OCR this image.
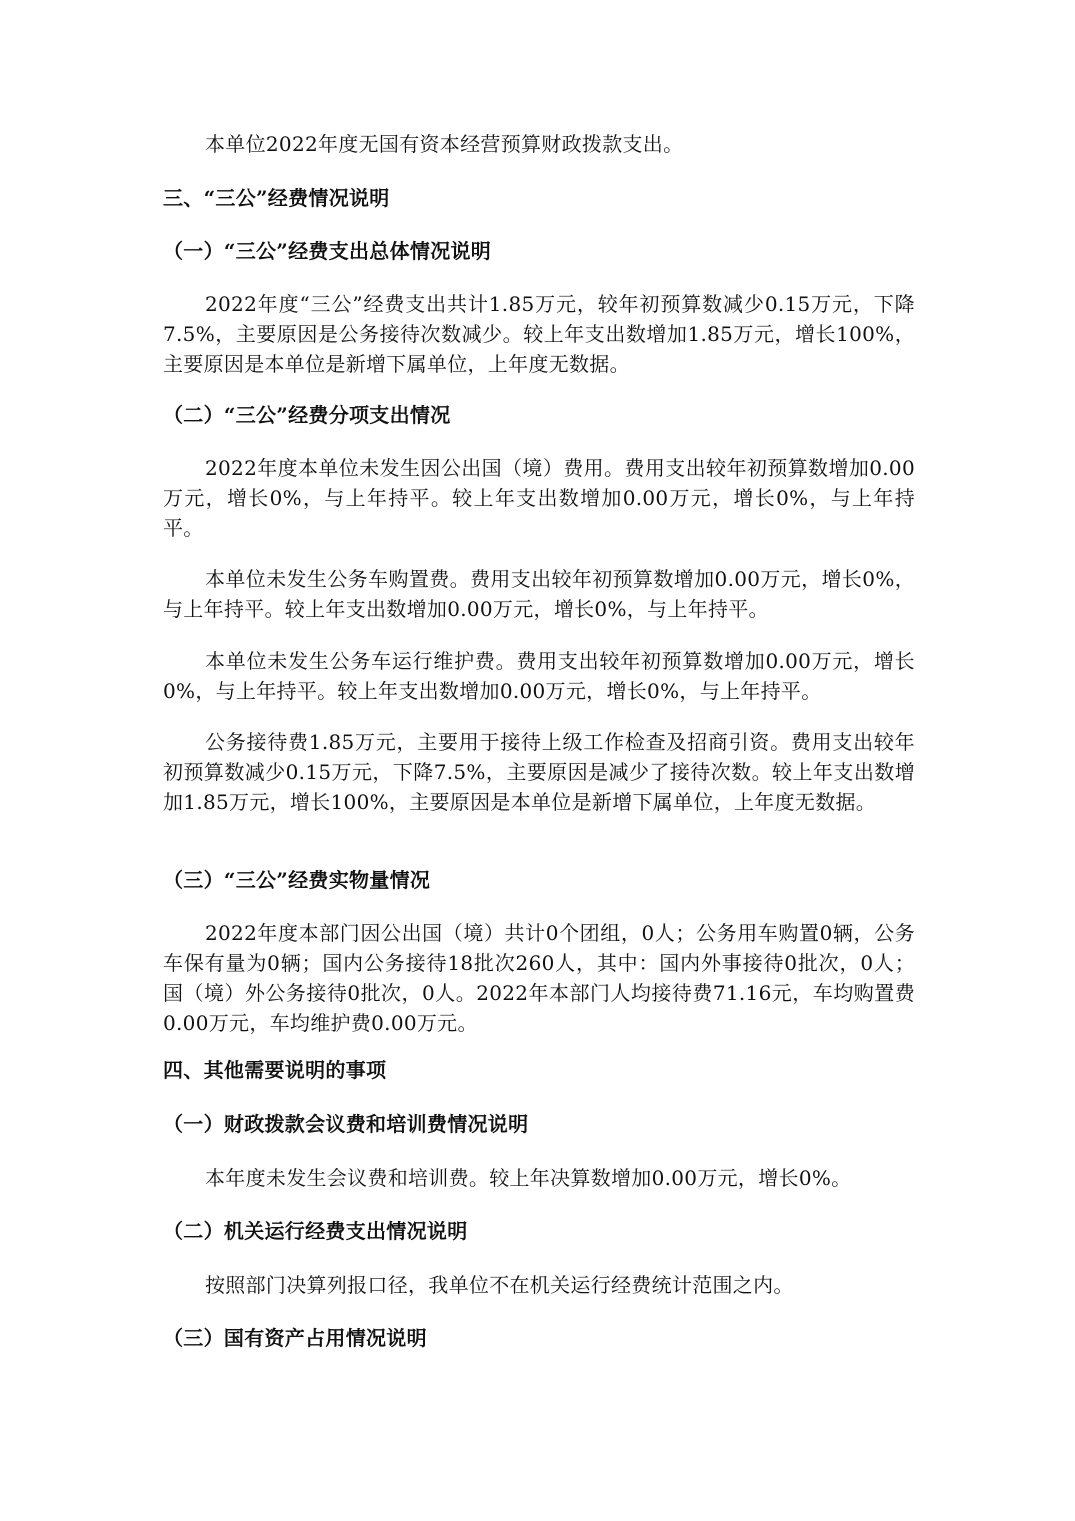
本单位2022年度无国有资本经营预算财政拨款支出。

三、“三公”经费情况说明

（一）“三公”经费支出总体情况说明

2022年度“三公”经费支出共计1.85万元，较年初预算数减少0.15万元，下降7.5%，主要原因是公务接待次数减少。较上年支出数增加1.85万元，增长100%，主要原因是本单位是新增下属单位，上年度无数据。

（二）“三公”经费分项支出情况

2022年度本单位未发生因公出国（境）费用。费用支出较年初预算数增加0.00万元，增长0%，与上年持平。较上年支出数增加0.00万元，增长0%，与上年持平。

本单位未发生公务车购置费。费用支出较年初预算数增加0.00万元，增长0%，与上年持平。较上年支出数增加0.00万元，增长0%，与上年持平。

本单位未发生公务车运行维护费。费用支出较年初预算数增加0.00万元，增长0%，与上年持平。较上年支出数增加0.00万元，增长0%，与上年持平。

公务接待费1.85万元，主要用于接待上级工作检查及招商引资。费用支出较年初预算数减少0.15万元，下降7.5%，主要原因是减少了接待次数。较上年支出数增加1.85万元，增长100%，主要原因是本单位是新增下属单位，上年度无数据。

（三）“三公”经费实物量情况

2022年度本部门因公出国（境）共计0个团组，0人；公务用车购置0辆，公务车保有量为0辆；国内公务接待18批次260人，其中：国内外事接待0批次，0人；国（境）外公务接待0批次，0人。2022年本部门人均接待费71.16元，车均购置费0.00万元，车均维护费0.00万元。

四、其他需要说明的事项

（一）财政拨款会议费和培训费情况说明

本年度未发生会议费和培训费。较上年决算数增加0.00万元，增长0%。

（二）机关运行经费支出情况说明

按照部门决算列报口径，我单位不在机关运行经费统计范围之内。

（三）国有资产占用情况说明
